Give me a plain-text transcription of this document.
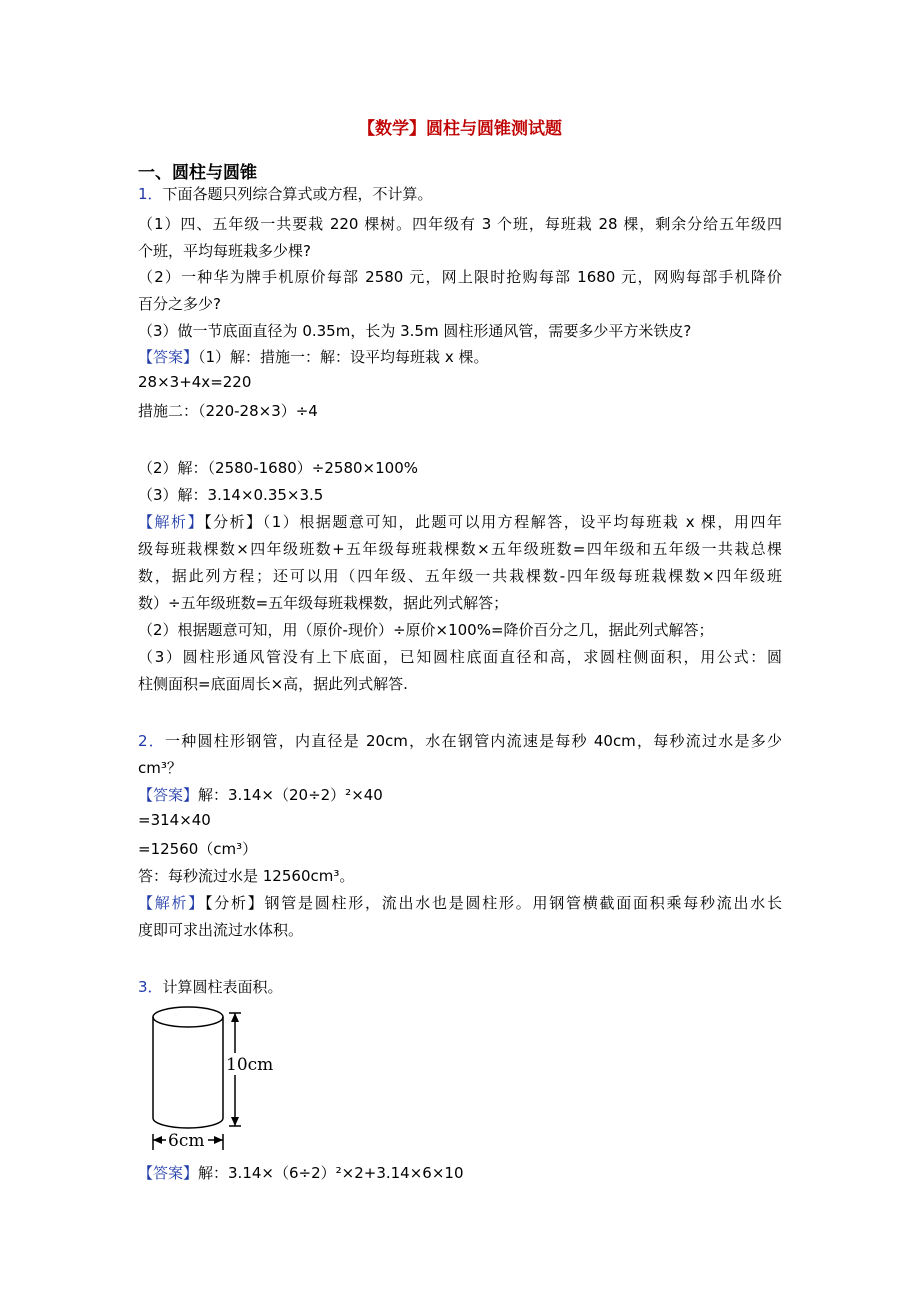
【数学】圆柱与圆锥测试题
一、圆柱与圆锥
1．下面各题只列综合算式或方程，不计算。
（1）四、五年级一共要栽 220 棵树。四年级有 3 个班，每班栽 28 棵，剩余分给五年级四
个班，平均每班栽多少棵?
（2）一种华为牌手机原价每部 2580 元，网上限时抢购每部 1680 元，网购每部手机降价
百分之多少?
（3）做一节底面直径为 0.35m，长为 3.5m 圆柱形通风管，需要多少平方米铁皮?
【答案】（1）解：措施一：解：设平均每班栽 x 棵。
28×3+4x=220
措施二：（220-28×3）÷4
（2）解：（2580-1680）÷2580×100%
（3）解：3.14×0.35×3.5
【解析】【分析】（1）根据题意可知，此题可以用方程解答，设平均每班栽 x 棵，用四年
级每班栽棵数×四年级班数+五年级每班栽棵数×五年级班数=四年级和五年级一共栽总棵
数，据此列方程；还可以用（四年级、五年级一共栽棵数-四年级每班栽棵数×四年级班
数）÷五年级班数=五年级每班栽棵数，据此列式解答；
（2）根据题意可知，用（原价-现价）÷原价×100%=降价百分之几，据此列式解答；
（3）圆柱形通风管没有上下底面，已知圆柱底面直径和高，求圆柱侧面积，用公式：圆
柱侧面积=底面周长×高，据此列式解答.
2．一种圆柱形钢管，内直径是 20cm，水在钢管内流速是每秒 40cm，每秒流过水是多少
cm³？
【答案】解：3.14×（20÷2）²×40
=314×40
=12560（cm³）
答：每秒流过水是 12560cm³。
【解析】【分析】钢管是圆柱形，流出水也是圆柱形。用钢管横截面面积乘每秒流出水长
度即可求出流过水体积。
3．计算圆柱表面积。
10cm
6cm
【答案】解：3.14×（6÷2）²×2+3.14×6×10
